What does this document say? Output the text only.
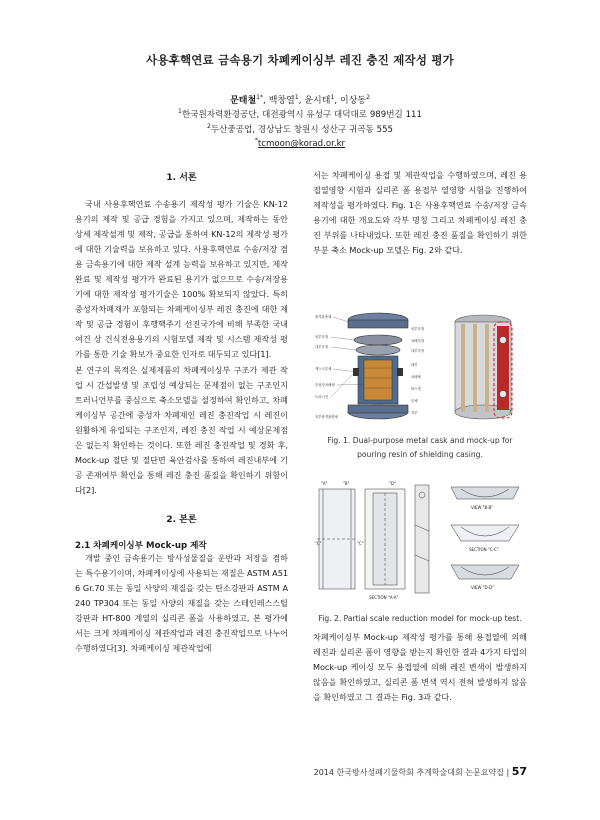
사용후핵연료 금속용기 차폐케이싱부 레진 충진 제작성 평가
문태철$^{1*}$, 백창열$^1$, 윤시태$^1$, 이상동$^2$
$^1$한국원자력환경공단, 대전광역시 유성구 대덕대로 989번길 111
$^2$두산중공업, 경상남도 창원시 성산구 귀곡동 555
*tcmoon@korad.or.kr
1. 서론
국내 사용후핵연료 수송용기 제작성 평가 기술은 KN-12 용기의 제작 및 공급 경험을 가지고 있으며, 제작하는 동안 상세 제작설계 및 제작, 공급을 통하여 KN-12의 제작성 평가에 대한 기술력을 보유하고 있다. 사용후핵연료 수송/저장 겸용 금속용기에 대한 제작 설계 능력을 보유하고 있지만, 제작완료 및 제작성 평가가 완료된 용기가 없으므로 수송/저장용기에 대한 제작성 평가기술은 100% 확보되지 않았다. 특히 중성자차폐재가 포함되는 차폐케이싱부 레진 충진에 대한 제작 및 공급 경험이 후행핵주기 선진국가에 비해 부족한 국내 여건 상 건식전용용기의 시험모델 제작 및 시스템 제작성 평가를 통한 기술 확보가 중요한 인자로 대두되고 있다[1].
본 연구의 목적은 실제제품의 차폐케이싱부 구조가 제관 작업 시 간섭발생 및 조립성 예상되는 문제점이 없는 구조인지 트러니언부를 중심으로 축소모델을 설정하여 확인하고, 차폐케이싱부 공간에 중성자 차폐재인 레진 충진작업 시 레진이 원활하게 유입되는 구조인지, 레진 충진 작업 시 예상문제점은 없는지 확인하는 것이다. 또한 레진 충진작업 및 경화 후, Mock-up 절단 및 절단면 육안검사를 통하여 레진내부에 기공 존재여부 확인을 통해 레진 충진 품질을 확인하기 위함이다[2].
2. 본론
2.1 차폐케이싱부 Mock-up 제작
개발 중인 금속용기는 방사성물질을 운반과 저장을 겸하는 특수용기이며, 차폐케이싱에 사용되는 재질은 ASTM A516 Gr.70 또는 동일 사양의 재질을 갖는 탄소강판과 ASTM A240 TP304 또는 동일 사양의 재질을 갖는 스테인레스스틸 강판과 HT-800 계열의 실리콘 폼을 사용하였고, 본 평가에서는 크게 차폐케이싱 제관작업과 레진 충진작업으로 나누어 수행하였다[3]. 차폐케이싱 제관작업에
서는 차폐케이싱 용접 및 제관작업을 수행하였으며, 레진 용접열영향 시험과 실리콘 폼 용접부 열영향 시험을 진행하여 제작성을 평가하였다. Fig. 1은 사용후핵연료 수송/저장 금속용기에 대한 개요도와 각부 명칭 그리고 차폐케이싱 레진 충진 부위를 나타내었다. 또한 레진 충진 품질을 확인하기 위한 부분 축소 Mock-up 모델은 Fig. 2와 같다.
충격완충체
외부뚜껑
내부뚜껑
캐스크본체
중성자차폐체
트러니언
저부충격완충체
외부뚜껑
차폐뚜껑
내부뚜껑
레진
차폐체
바스켓
본체
저부
Fig. 1. Dual-purpose metal cask and mock-up for pouring resin of shielding casing.
"A"	"B"
"C"	"C"
"D"
VIEW "B-B"
SECTION "C-C"
VIEW "D-D"
SECTION "A-A"
Fig. 2. Partial scale reduction model for mock-up test.
차폐케이싱부 Mock-up 제작성 평가를 통해 용접열에 의해 레진과 실리콘 폼이 영향을 받는지 확인한 결과 4가지 타입의 Mock-up 케이싱 모두 용접열에 의해 레진 변색이 발생하지 않음을 확인하였고, 실리콘 폼 변색 역시 전혀 발생하지 않음을 확인하였고 그 결과는 Fig. 3과 같다.
2014 한국방사성폐기물학회 추계학술대회 논문요약집 | 57
